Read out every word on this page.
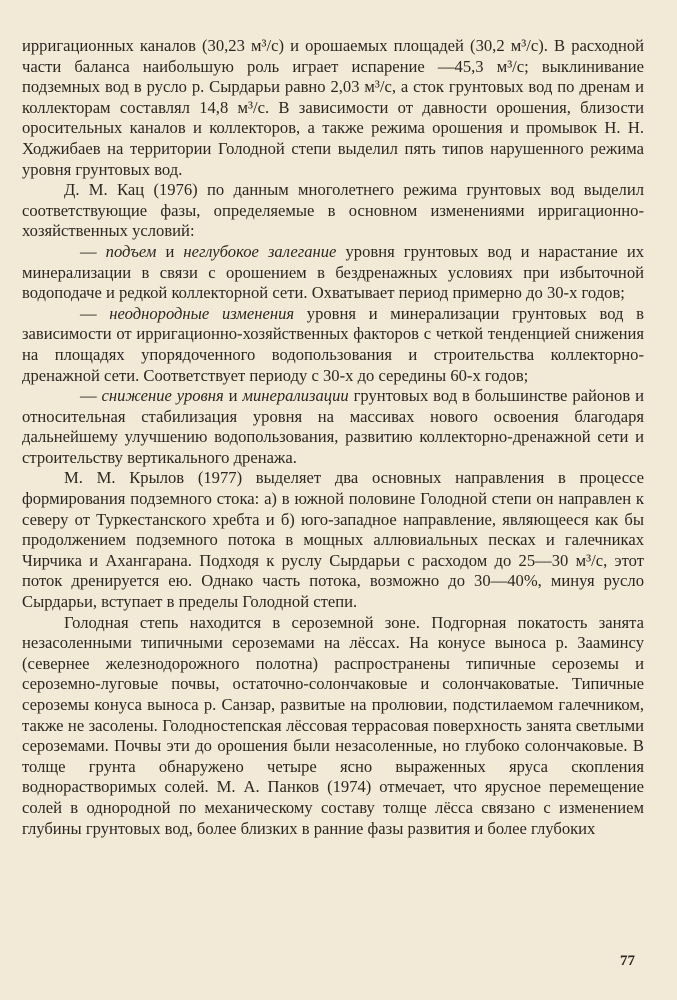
ирригационных каналов (30,23 м³/с) и орошаемых площадей (30,2 м³/с). В расходной части баланса наибольшую роль играет испарение —45,3 м³/с; выклинивание подземных вод в русло р. Сырдарьи равно 2,03 м³/с, а сток грунтовых вод по дренам и коллекторам составлял 14,8 м³/с. В зависимости от давности орошения, близости оросительных каналов и коллекторов, а также режима орошения и промывок Н. Н. Ходжибаев на территории Голодной степи выделил пять типов нарушенного режима уровня грунтовых вод.

Д. М. Кац (1976) по данным многолетнего режима грунтовых вод выделил соответствующие фазы, определяемые в основном изменениями ирригационно-хозяйственных условий:

— подъем и неглубокое залегание уровня грунтовых вод и нарастание их минерализации в связи с орошением в бездренажных условиях при избыточной водоподаче и редкой коллекторной сети. Охватывает период примерно до 30-х годов;

— неоднородные изменения уровня и минерализации грунтовых вод в зависимости от ирригационно-хозяйственных факторов с четкой тенденцией снижения на площадях упорядоченного водопользования и строительства коллекторно-дренажной сети. Соответствует периоду с 30-х до середины 60-х годов;

— снижение уровня и минерализации грунтовых вод в большинстве районов и относительная стабилизация уровня на массивах нового освоения благодаря дальнейшему улучшению водопользования, развитию коллекторно-дренажной сети и строительству вертикального дренажа.

М. М. Крылов (1977) выделяет два основных направления в процессе формирования подземного стока: а) в южной половине Голодной степи он направлен к северу от Туркестанского хребта и б) юго-западное направление, являющееся как бы продолжением подземного потока в мощных аллювиальных песках и галечниках Чирчика и Ахангарана. Подходя к руслу Сырдарьи с расходом до 25—30 м³/с, этот поток дренируется ею. Однако часть потока, возможно до 30—40%, минуя русло Сырдарьи, вступает в пределы Голодной степи.

Голодная степь находится в сероземной зоне. Подгорная покатость занята незасоленными типичными сероземами на лёссах. На конусе выноса р. Зааминсу (севернее железнодорожного полотна) распространены типичные сероземы и сероземно-луговые почвы, остаточно-солончаковые и солончаковатые. Типичные сероземы конуса выноса р. Санзар, развитые на пролювии, подстилаемом галечником, также не засолены. Голодностепская лёссовая террасовая поверхность занята светлыми сероземами. Почвы эти до орошения были незасоленные, но глубоко солончаковые. В толще грунта обнаружено четыре ясно выраженных яруса скопления воднорастворимых солей. М. А. Панков (1974) отмечает, что ярусное перемещение солей в однородной по механическому составу толще лёсса связано с изменением глубины грунтовых вод, более близких в ранние фазы развития и более глубоких

77
